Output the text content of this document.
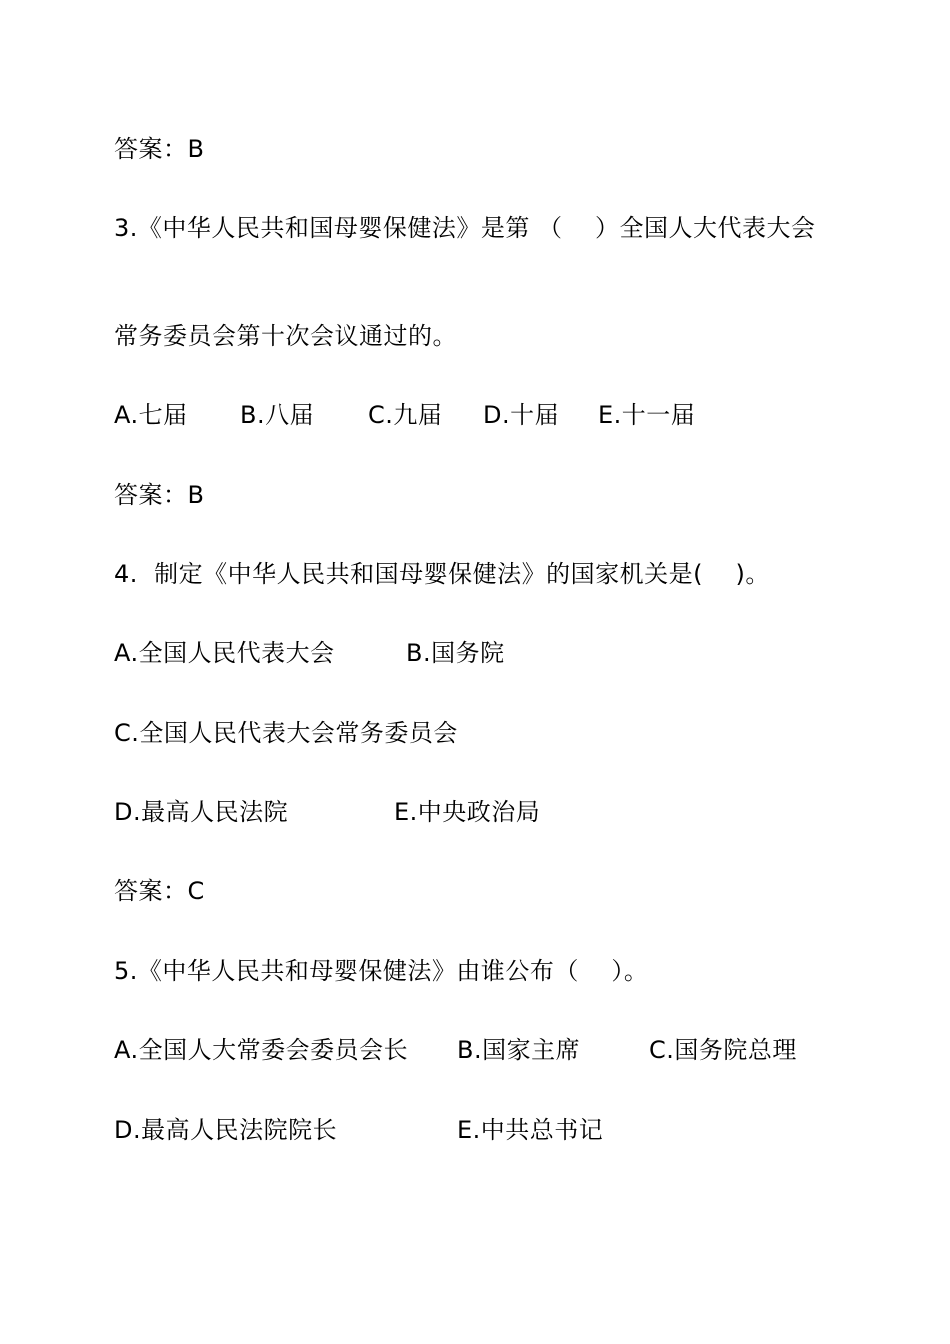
答案：B
3.《中华人民共和国母婴保健法》是第 （    ）全国人大代表大会
常务委员会第十次会议通过的。
A.七届 B.八届 C.九届 D.十届 E.十一届
答案：B
4.  制定《中华人民共和国母婴保健法》的国家机关是(    )。
A.全国人民代表大会	B.国务院
C.全国人民代表大会常务委员会
D.最高人民法院	E.中央政治局
答案：C
5.《中华人民共和母婴保健法》由谁公布（    ）。
A.全国人大常委会委员会长 B.国家主席	C.国务院总理
D.最高人民法院院长	E.中共总书记
